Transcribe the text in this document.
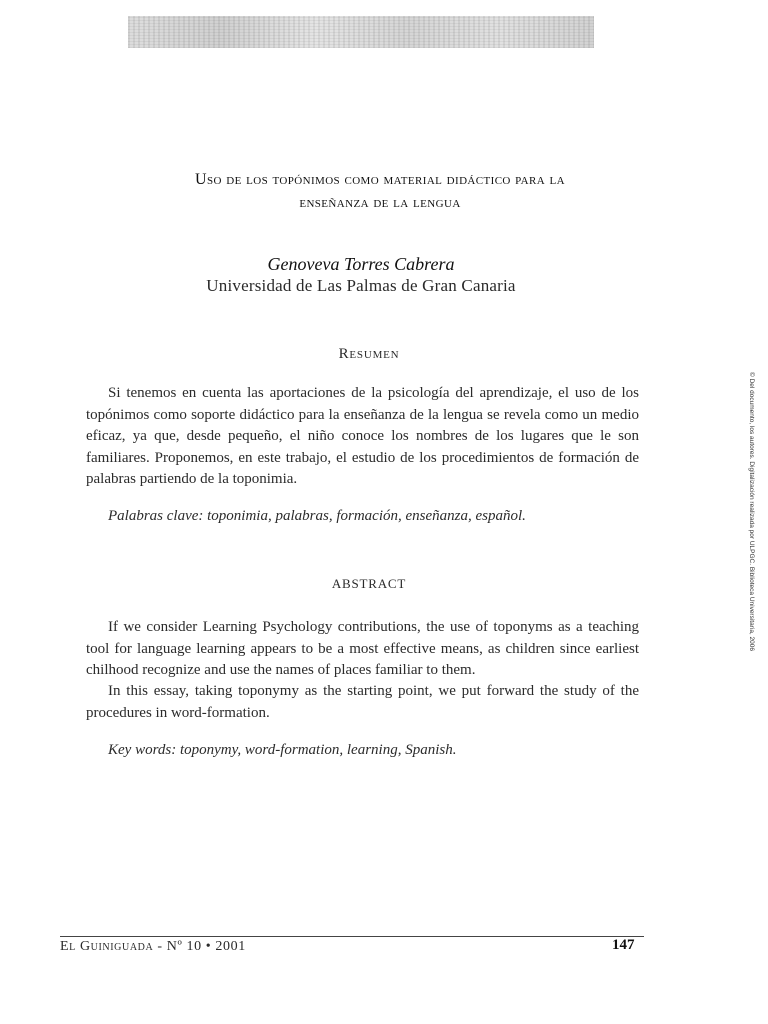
Uso de los topónimos como material didáctico para la
enseñanza de la lengua
Genoveva Torres Cabrera
Universidad de Las Palmas de Gran Canaria
Resumen

Si tenemos en cuenta las aportaciones de la psicología del aprendizaje, el uso de los topónimos como soporte didáctico para la enseñanza de la lengua se revela como un medio eficaz, ya que, desde pequeño, el niño conoce los nombres de los lugares que le son familiares. Proponemos, en este trabajo, el estudio de los procedimientos de formación de palabras partiendo de la toponimia.

Palabras clave: toponimia, palabras, formación, enseñanza, español.
ABSTRACT

If we consider Learning Psychology contributions, the use of toponyms as a teaching tool for language learning appears to be a most effective means, as children since earliest chilhood recognize and use the names of places familiar to them.

In this essay, taking toponymy as the starting point, we put forward the study of the procedures in word-formation.

Key words: toponymy, word-formation, learning, Spanish.
© Del documento, los autores. Digitalización realizada por ULPGC. Biblioteca Universitaria, 2006
El Guiniguada - Nº 10 • 2001	147
